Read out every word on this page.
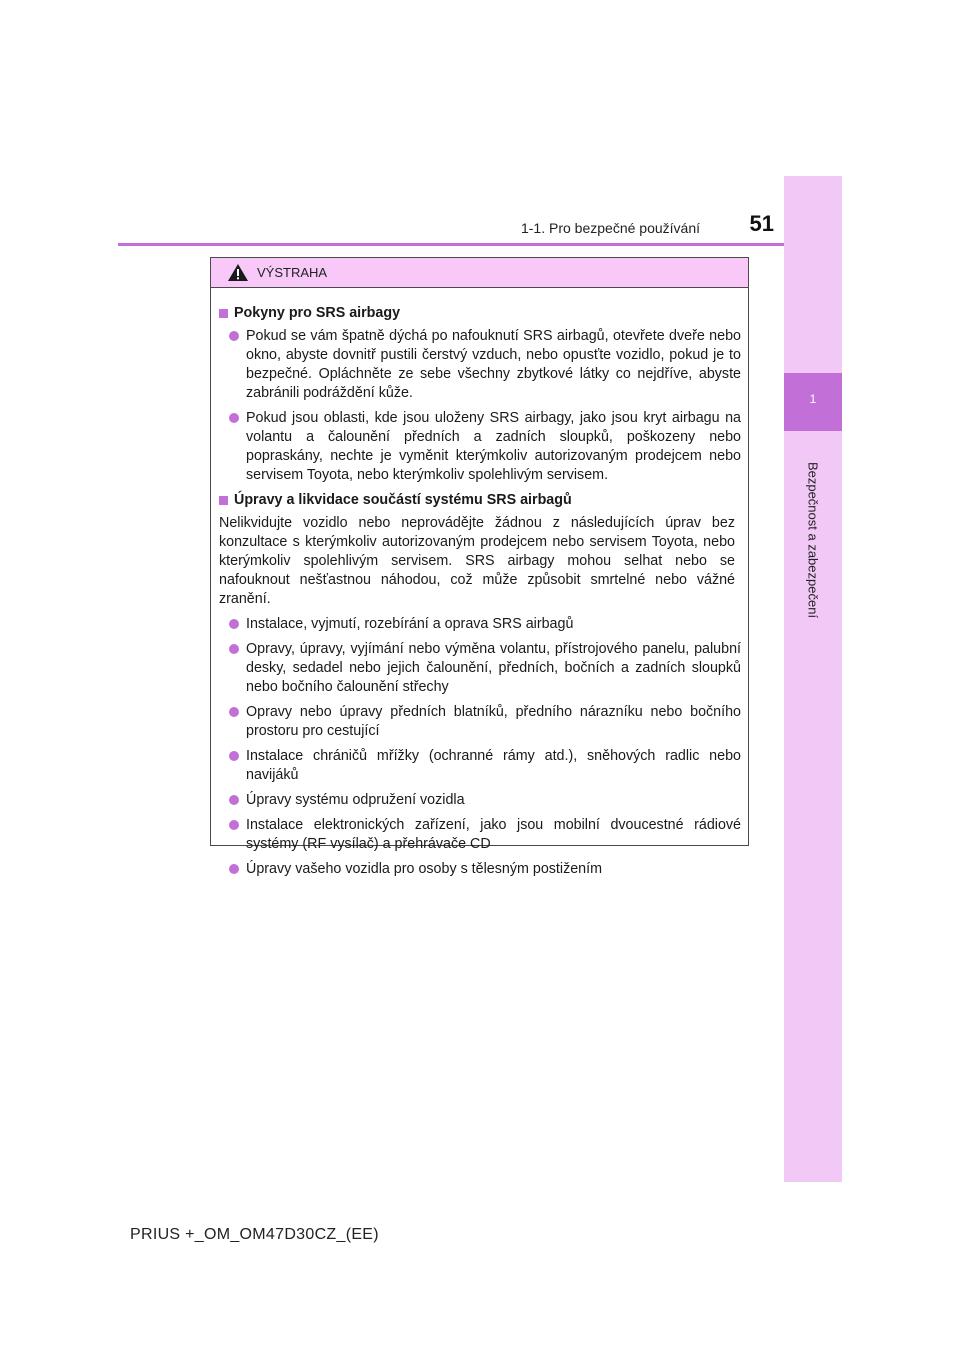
1-1. Pro bezpečné používání	51
1
Bezpečnost a zabezpečení
VÝSTRAHA
Pokyny pro SRS airbagy
Pokud se vám špatně dýchá po nafouknutí SRS airbagů, otevřete dveře nebo okno, abyste dovnitř pustili čerstvý vzduch, nebo opusťte vozidlo, pokud je to bezpečné. Opláchněte ze sebe všechny zbytkové látky co nejdříve, abyste zabránili podráždění kůže.
Pokud jsou oblasti, kde jsou uloženy SRS airbagy, jako jsou kryt airbagu na volantu a čalounění předních a zadních sloupků, poškozeny nebo popraskány, nechte je vyměnit kterýmkoliv autorizovaným prodejcem nebo servisem Toyota, nebo kterýmkoliv spolehlivým servisem.
Úpravy a likvidace součástí systému SRS airbagů

Nelikvidujte vozidlo nebo neprovádějte žádnou z následujících úprav bez konzultace s kterýmkoliv autorizovaným prodejcem nebo servisem Toyota, nebo kterýmkoliv spolehlivým servisem. SRS airbagy mohou selhat nebo se nafouknout nešťastnou náhodou, což může způsobit smrtelné nebo vážné zranění.

Instalace, vyjmutí, rozebírání a oprava SRS airbagů
Opravy, úpravy, vyjímání nebo výměna volantu, přístrojového panelu, palubní desky, sedadel nebo jejich čalounění, předních, bočních a zadních sloupků nebo bočního čalounění střechy
Opravy nebo úpravy předních blatníků, předního nárazníku nebo bočního prostoru pro cestující
Instalace chráničů mřížky (ochranné rámy atd.), sněhových radlic nebo navijáků
Úpravy systému odpružení vozidla
Instalace elektronických zařízení, jako jsou mobilní dvoucestné rádiové systémy (RF vysílač) a přehrávače CD
Úpravy vašeho vozidla pro osoby s tělesným postižením
PRIUS +_OM_OM47D30CZ_(EE)
